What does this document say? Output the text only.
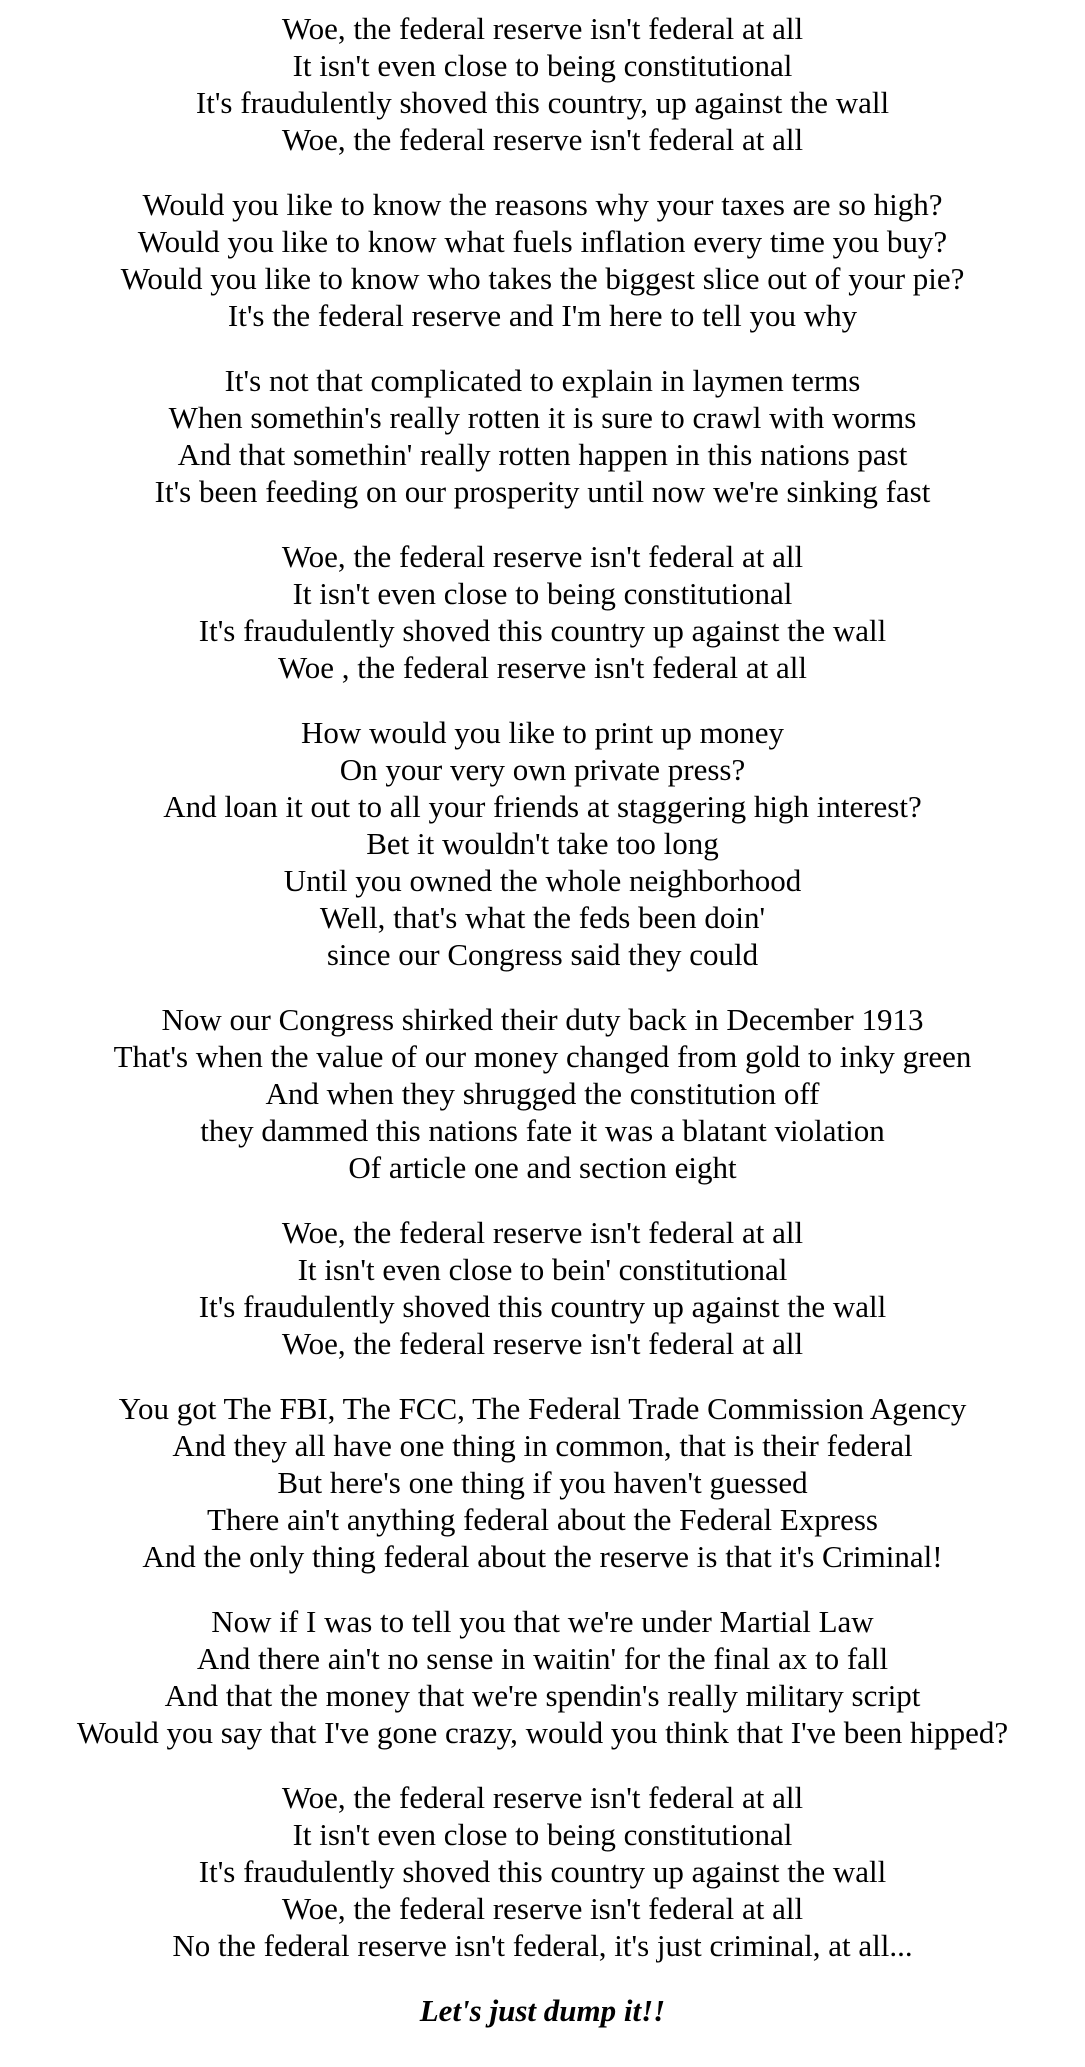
Woe, the federal reserve isn't federal at all
It isn't even close to being constitutional
It's fraudulently shoved this country, up against the wall
Woe, the federal reserve isn't federal at all
Would you like to know the reasons why your taxes are so high?
Would you like to know what fuels inflation every time you buy?
Would you like to know who takes the biggest slice out of your pie?
It's the federal reserve and I'm here to tell you why
It's not that complicated to explain in laymen terms
When somethin's really rotten it is sure to crawl with worms
And that somethin' really rotten happen in this nations past
It's been feeding on our prosperity until now we're sinking fast
Woe, the federal reserve isn't federal at all
It isn't even close to being constitutional
It's fraudulently shoved this country up against the wall
Woe , the federal reserve isn't federal at all
How would you like to print up money
On your very own private press?
And loan it out to all your friends at staggering high interest?
Bet it wouldn't take too long
Until you owned the whole neighborhood
Well, that's what the feds been doin'
since our Congress said they could
Now our Congress shirked their duty back in December 1913
That's when the value of our money changed from gold to inky green
And when they shrugged the constitution off
they dammed this nations fate it was a blatant violation
Of article one and section eight
Woe, the federal reserve isn't federal at all
It isn't even close to bein' constitutional
It's fraudulently shoved this country up against the wall
Woe, the federal reserve isn't federal at all
You got The FBI, The FCC, The Federal Trade Commission Agency
And they all have one thing in common, that is their federal
But here's one thing if you haven't guessed
There ain't anything federal about the Federal Express
And the only thing federal about the reserve is that it's Criminal!
Now if I was to tell you that we're under Martial Law
And there ain't no sense in waitin' for the final ax to fall
And that the money that we're spendin's really military script
Would you say that I've gone crazy, would you think that I've been hipped?
Woe, the federal reserve isn't federal at all
It isn't even close to being constitutional
It's fraudulently shoved this country up against the wall
Woe, the federal reserve isn't federal at all
No the federal reserve isn't federal, it's just criminal, at all...
Let's just dump it!!
